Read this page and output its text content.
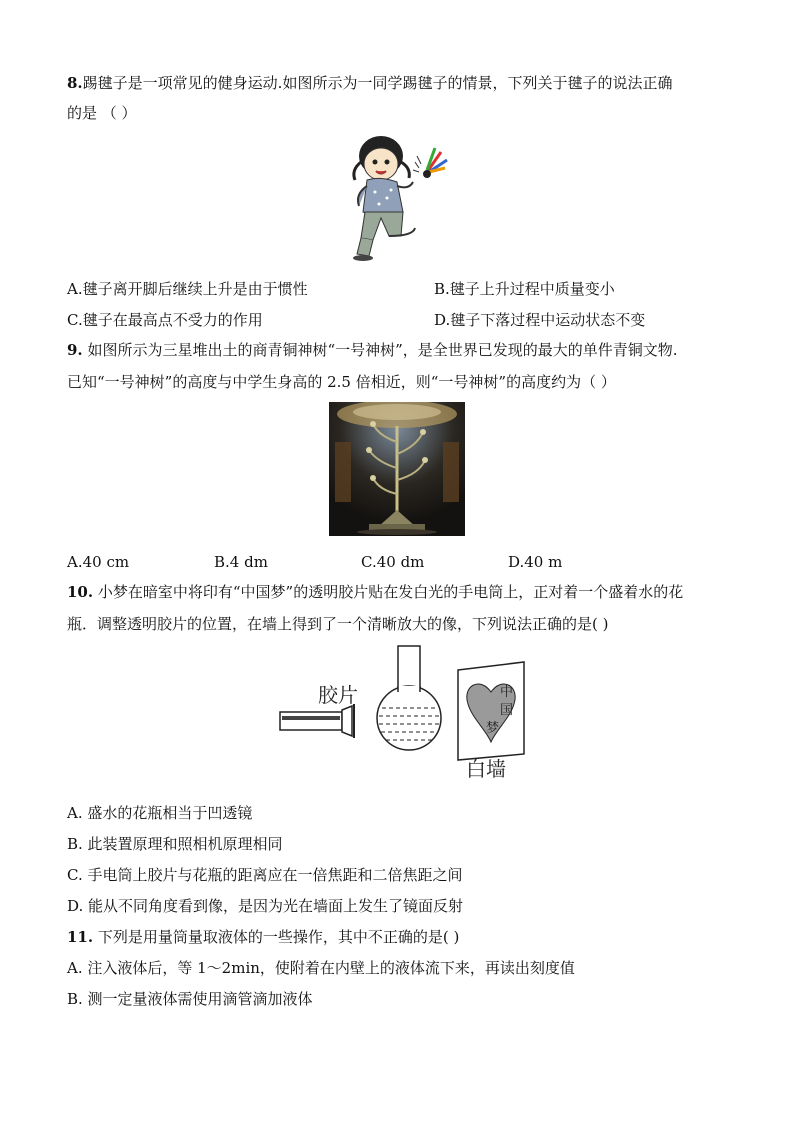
8.踢毽子是一项常见的健身运动.如图所示为一同学踢毽子的情景，下列关于毽子的说法正确
的是 （ ）
A.毽子离开脚后继续上升是由于惯性	B.毽子上升过程中质量变小
C.毽子在最高点不受力的作用	D.毽子下落过程中运动状态不变
9. 如图所示为三星堆出土的商青铜神树“一号神树”，是全世界已发现的最大的单件青铜文物.
已知“一号神树”的高度与中学生身高的 2.5 倍相近，则“一号神树”的高度约为（ ）
A.40 cm	B.4 dm	C.40 dm	D.40 m
10. 小梦在暗室中将印有“中国梦”的透明胶片贴在发白光的手电筒上，正对着一个盛着水的花
瓶．调整透明胶片的位置，在墙上得到了一个清晰放大的像，下列说法正确的是( )
胶片	中
国
梦
白墙
A. 盛水的花瓶相当于凹透镜
B. 此装置原理和照相机原理相同
C. 手电筒上胶片与花瓶的距离应在一倍焦距和二倍焦距之间
D. 能从不同角度看到像，是因为光在墙面上发生了镜面反射
11. 下列是用量筒量取液体的一些操作，其中不正确的是( )
A. 注入液体后，等 1～2min，使附着在内壁上的液体流下来，再读出刻度值
B. 测一定量液体需使用滴管滴加液体
